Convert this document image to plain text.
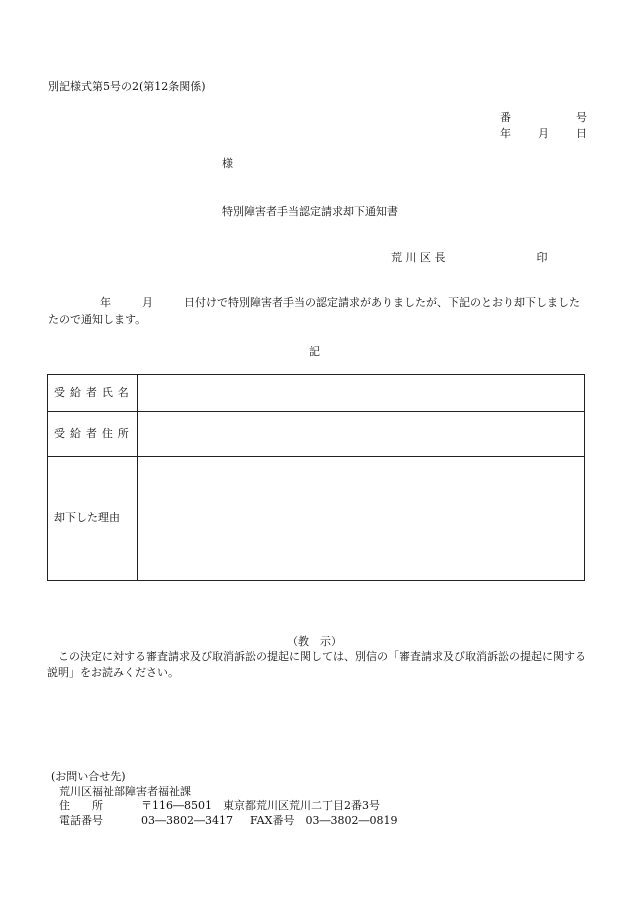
別記様式第5号の2(第12条関係)
番	号
年 月 日
様
特別障害者手当認定請求却下通知書
荒 川 区 長	印
年	月	日付けで特別障害者手当の認定請求がありましたが、下記のとおり却下しました
たので通知します。
記
受給者氏名	
受給者住所	
却下した理由	
（教　示）
　この決定に対する審査請求及び取消訴訟の提起に関しては、別信の「審査請求及び取消訴訟の提起に関する説明」をお読みください。
(お問い合せ先)
荒川区福祉部障害者福祉課
住　　所	〒116―8501　東京都荒川区荒川二丁目2番3号
電話番号	03―3802―3417 FAX番号 03―3802―0819
